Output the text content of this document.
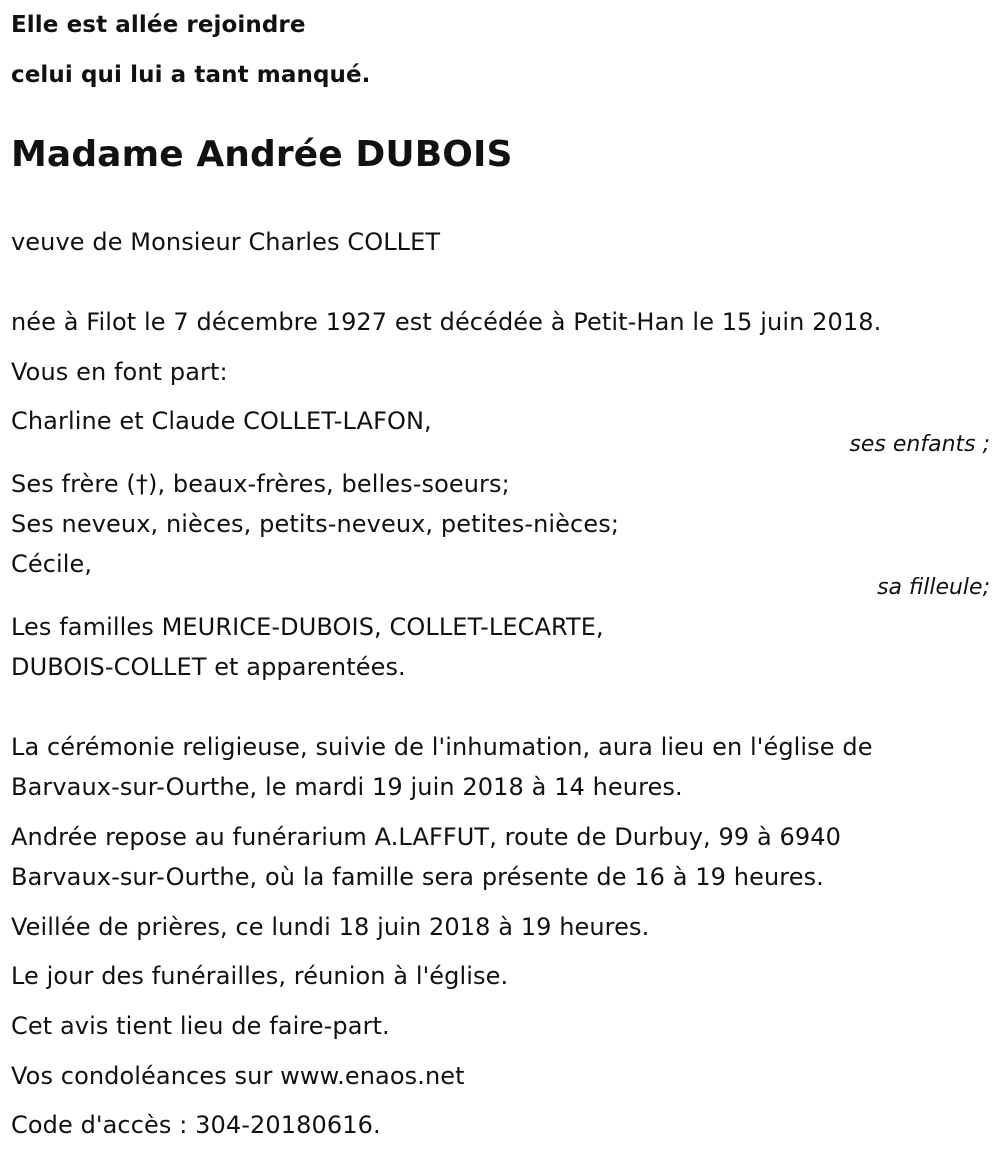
Elle est allée rejoindre
celui qui lui a tant manqué.
Madame Andrée DUBOIS
veuve de Monsieur Charles COLLET
née à Filot le 7 décembre 1927 est décédée à Petit-Han le 15 juin 2018.
Vous en font part:
Charline et Claude COLLET-LAFON,
ses enfants ;
Ses frère (†), beaux-frères, belles-soeurs;
Ses neveux, nièces, petits-neveux, petites-nièces;
Cécile,
sa filleule;
Les familles MEURICE-DUBOIS, COLLET-LECARTE,
DUBOIS-COLLET et apparentées.
La cérémonie religieuse, suivie de l'inhumation, aura lieu en l'église de
Barvaux-sur-Ourthe, le mardi 19 juin 2018 à 14 heures.
Andrée repose au funérarium A.LAFFUT, route de Durbuy, 99 à 6940
Barvaux-sur-Ourthe, où la famille sera présente de 16 à 19 heures.
Veillée de prières, ce lundi 18 juin 2018 à 19 heures.
Le jour des funérailles, réunion à l'église.
Cet avis tient lieu de faire-part.
Vos condoléances sur www.enaos.net
Code d'accès : 304-20180616.
